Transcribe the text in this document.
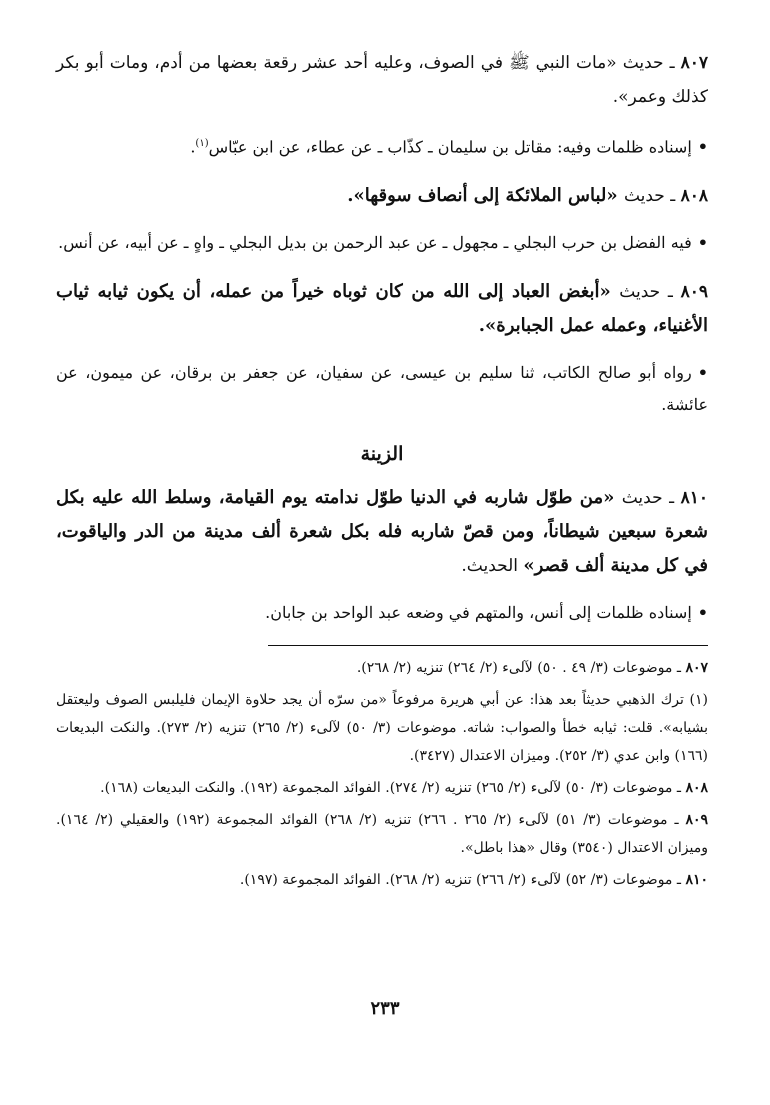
٨٠٧ ـ حديث «مات النبي ﷺ في الصوف، وعليه أحد عشر رقعة بعضها من أدم، ومات أبو بكر كذلك وعمر».

•إسناده ظلمات وفيه: مقاتل بن سليمان ـ كذّاب ـ عن عطاء، عن ابن عبّاس$^{(١)}$.

٨٠٨ ـ حديث «لباس الملائكة إلى أنصاف سوقها».

•فيه الفضل بن حرب البجلي ـ مجهول ـ عن عبد الرحمن بن بديل البجلي ـ واهٍ ـ عن أبيه، عن أنس.

٨٠٩ ـ حديث «أبغض العباد إلى الله من كان ثوباه خيراً من عمله، أن يكون ثيابه ثياب الأغنياء، وعمله عمل الجبابرة».

•رواه أبو صالح الكاتب، ثنا سليم بن عيسى، عن سفيان، عن جعفر بن برقان، عن ميمون، عن عائشة.

الزينة

٨١٠ ـ حديث «من طوّل شاربه في الدنيا طوّل ندامته يوم القيامة، وسلط الله عليه بكل شعرة سبعين شيطاناً، ومن قصّ شاربه فله بكل شعرة ألف مدينة من الدر والياقوت، في كل مدينة ألف قصر» الحديث.

•إسناده ظلمات إلى أنس، والمتهم في وضعه عبد الواحد بن جابان.

٨٠٧ ـ موضوعات (٣/ ٤٩ . ٥٠) لآلىء (٢/ ٢٦٤) تنزيه (٢/ ٢٦٨).

(١) ترك الذهبي حديثاً بعد هذا: عن أبي هريرة مرفوعاً «من سرّه أن يجد حلاوة الإيمان فليلبس الصوف وليعتقل بشيابه». قلت: ثيابه خطأ والصواب: شاته. موضوعات (٣/ ٥٠) لآلىء (٢/ ٢٦٥) تنزيه (٢/ ٢٧٣). والنكت البديعات (١٦٦) وابن عدي (٣/ ٢٥٢). وميزان الاعتدال (٣٤٢٧).

٨٠٨ ـ موضوعات (٣/ ٥٠) لآلىء (٢/ ٢٦٥) تنزيه (٢/ ٢٧٤). الفوائد المجموعة (١٩٢). والنكت البديعات (١٦٨).

٨٠٩ ـ موضوعات (٣/ ٥١) لآلىء (٢/ ٢٦٥ . ٢٦٦) تنزيه (٢/ ٢٦٨) الفوائد المجموعة (١٩٢) والعقيلي (٢/ ١٦٤). وميزان الاعتدال (٣٥٤٠) وقال «هذا باطل».

٨١٠ ـ موضوعات (٣/ ٥٢) لآلىء (٢/ ٢٦٦) تنزيه (٢/ ٢٦٨). الفوائد المجموعة (١٩٧).

٢٣٣
